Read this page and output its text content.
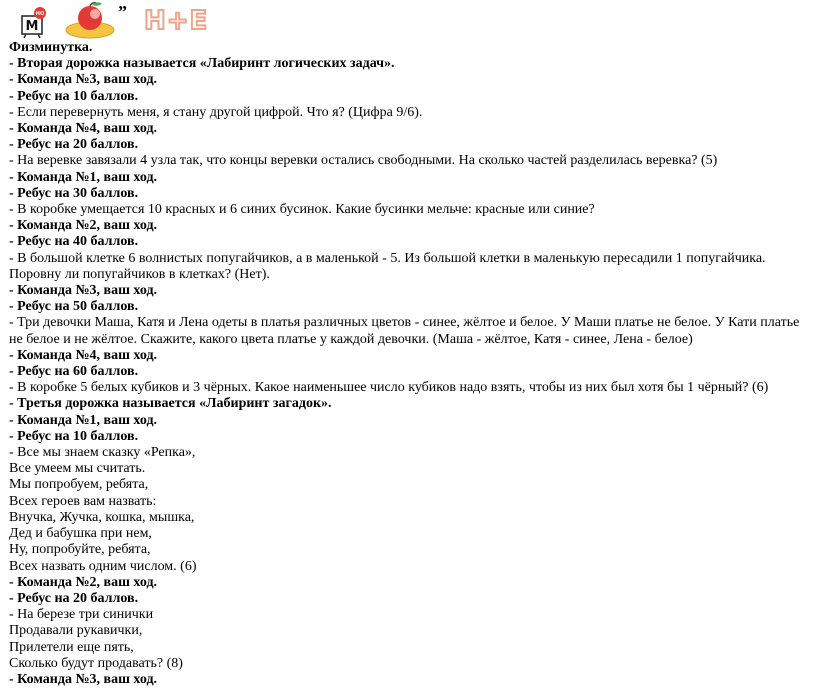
НО
М
” Н+Е

Физминутка.

- Вторая дорожка называется «Лабиринт логических задач».

- Команда №3, ваш ход.

- Ребус на 10 баллов.

- Если перевернуть меня, я стану другой цифрой. Что я? (Цифра 9/6).

- Команда №4, ваш ход.

- Ребус на 20 баллов.

- На веревке завязали 4 узла так, что концы веревки остались свободными. На сколько частей разделилась веревка? (5)

- Команда №1, ваш ход.

- Ребус на 30 баллов.

- В коробке умещается 10 красных и 6 синих бусинок. Какие бусинки мельче: красные или синие?

- Команда №2, ваш ход.

- Ребус на 40 баллов.

- В большой клетке 6 волнистых попугайчиков, а в маленькой - 5. Из большой клетки в маленькую пересадили 1 попугайчика. Поровну ли попугайчиков в клетках? (Нет).

- Команда №3, ваш ход.

- Ребус на 50 баллов.

- Три девочки Маша, Катя и Лена одеты в платья различных цветов - синее, жёлтое и белое. У Маши платье не белое. У Кати платье не белое и не жёлтое. Скажите, какого цвета платье у каждой девочки. (Маша - жёлтое, Катя - синее, Лена - белое)

- Команда №4, ваш ход.

- Ребус на 60 баллов.

- В коробке 5 белых кубиков и 3 чёрных. Какое наименьшее число кубиков надо взять, чтобы из них был хотя бы 1 чёрный? (6)

- Третья дорожка называется «Лабиринт загадок».

- Команда №1, ваш ход.

- Ребус на 10 баллов.

- Все мы знаем сказку «Репка»,

Все умеем мы считать.

Мы попробуем, ребята,

Всех героев вам назвать:

Внучка, Жучка, кошка, мышка,

Дед и бабушка при нем,

Ну, попробуйте, ребята,

Всех назвать одним числом. (6)

- Команда №2, ваш ход.

- Ребус на 20 баллов.

- На березе три синички

Продавали рукавички,

Прилетели еще пять,

Сколько будут продавать? (8)

- Команда №3, ваш ход.
